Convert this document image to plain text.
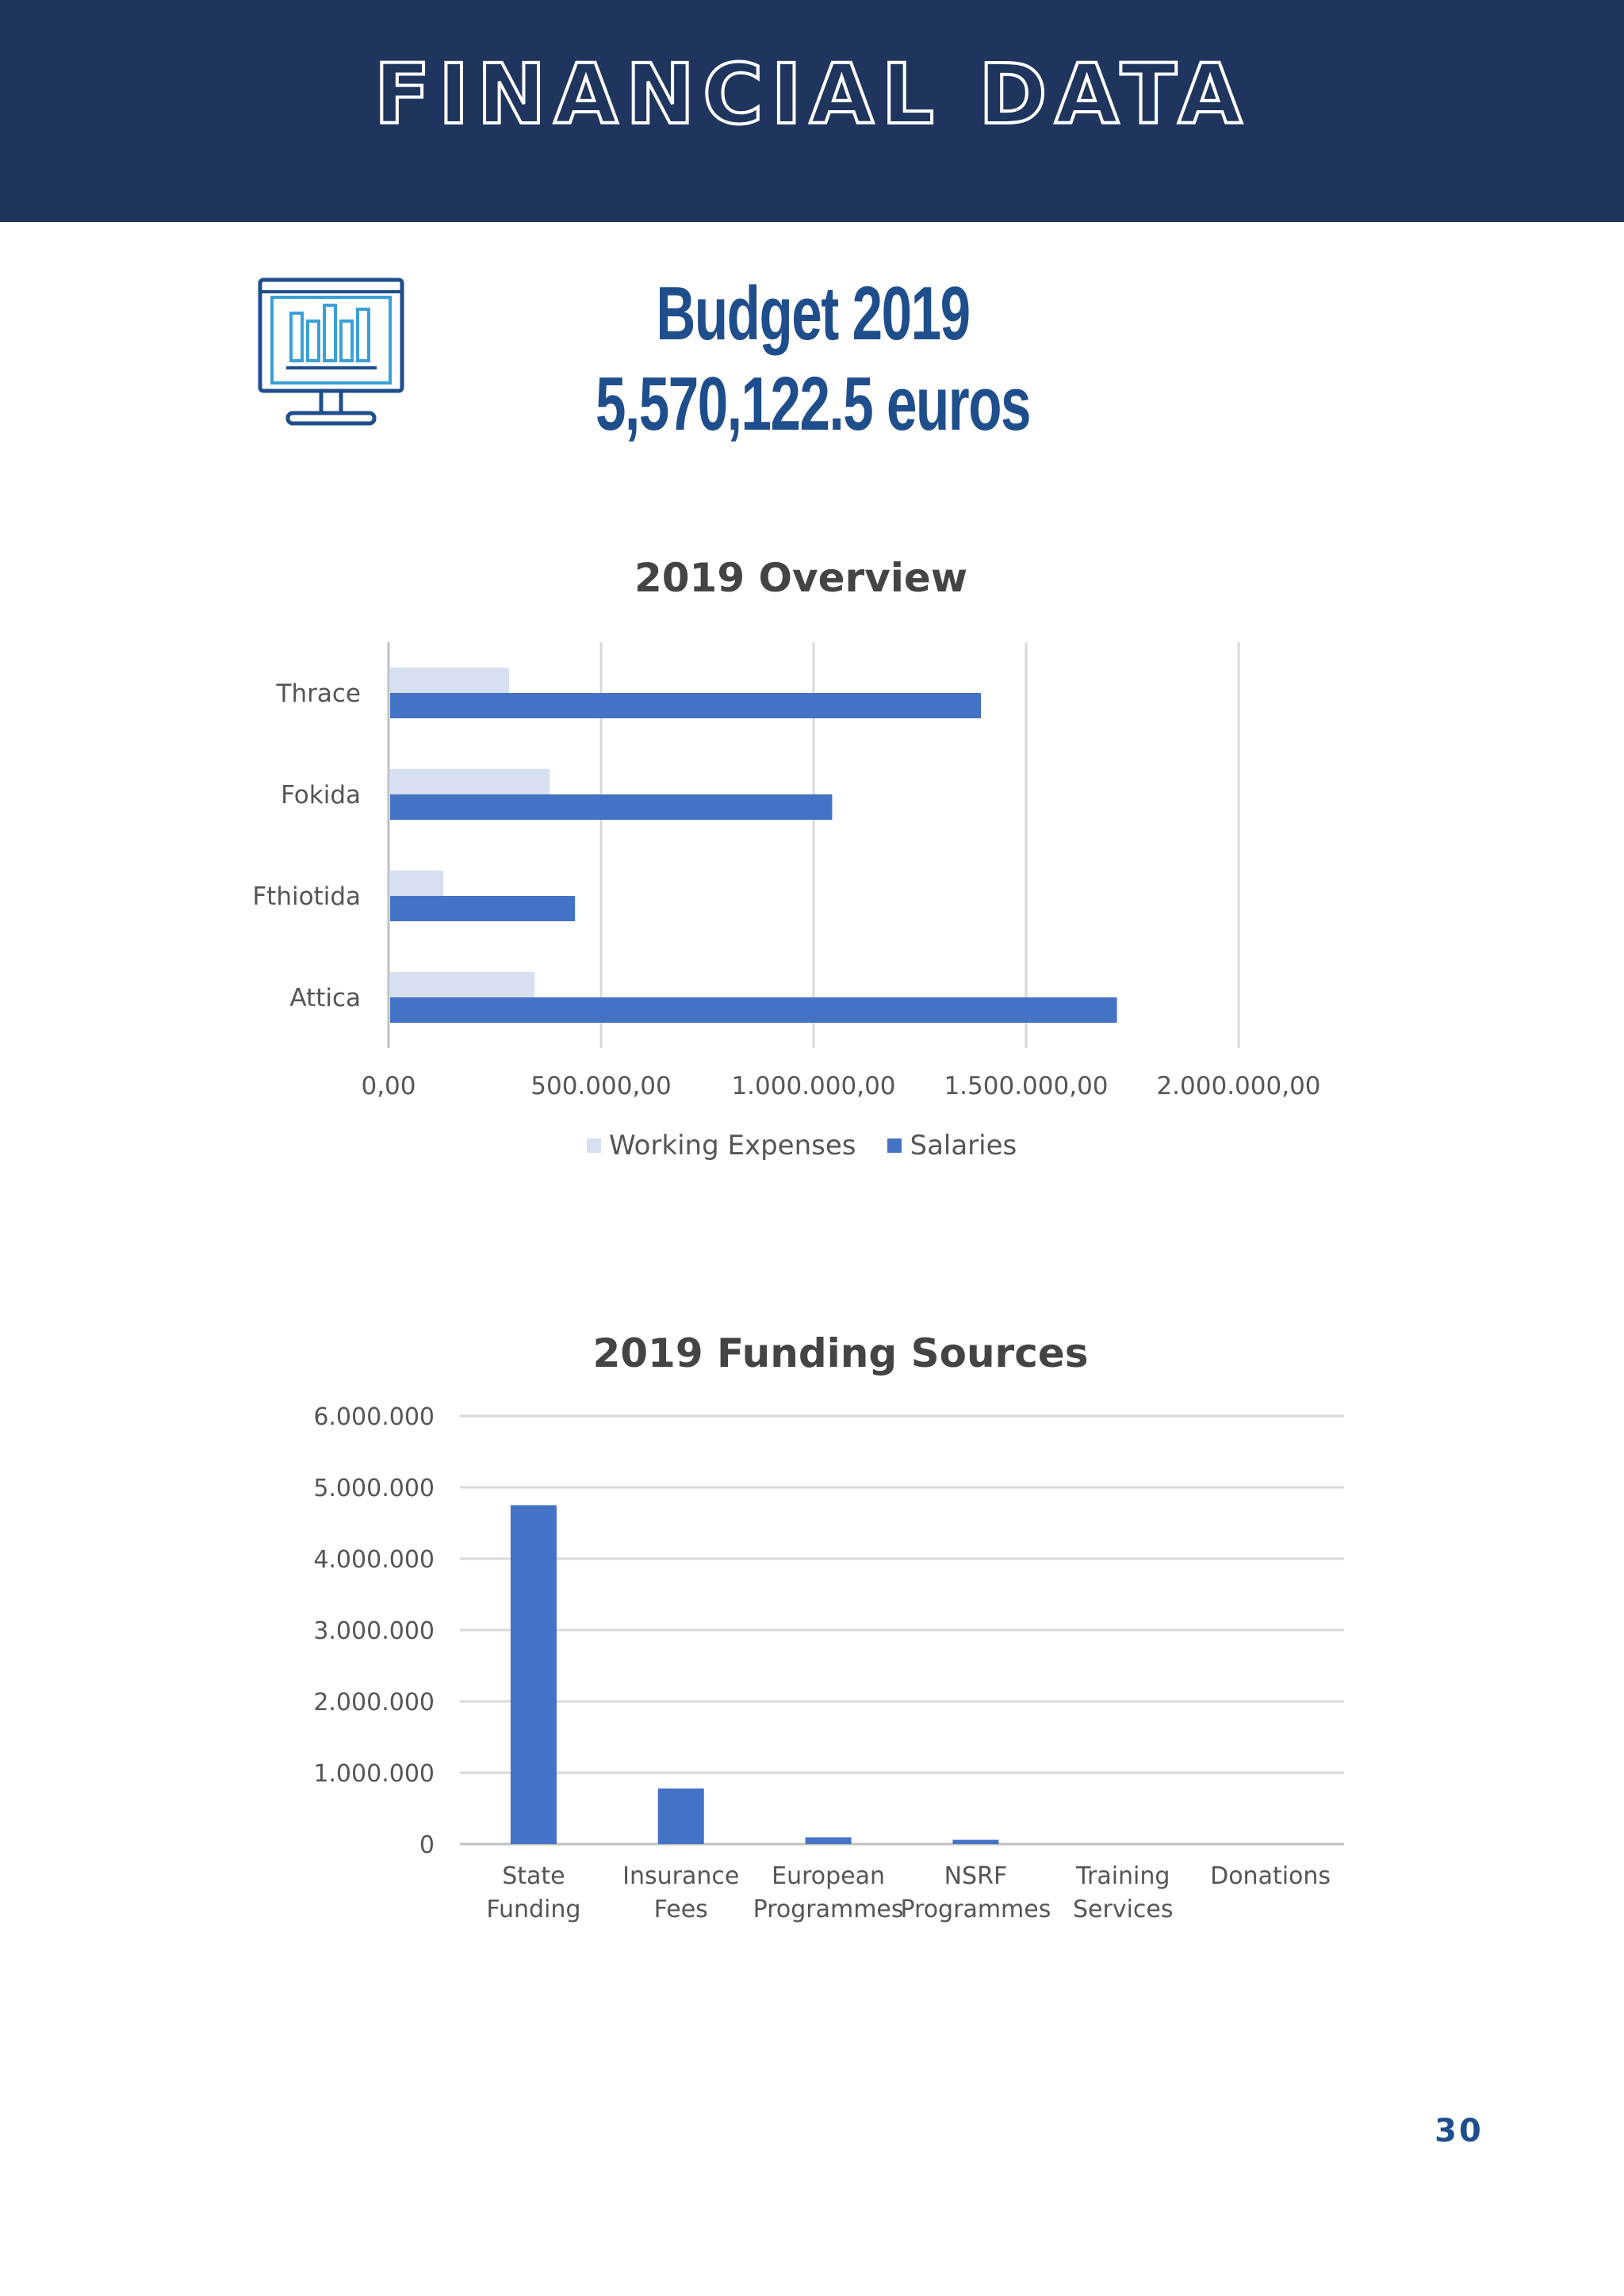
FINANCIAL DATA
Budget 2019
5,570,122.5 euros
2019 Overview
0,00	500.000,00 1.000.000,00 1.500.000,00 2.000.000,00
Thrace
Fokida
Fthiotida
Attica
Working Expenses Salaries
2019 Funding Sources
0
1.000.000
2.000.000
3.000.000
4.000.000
5.000.000
6.000.000
State
Funding
Insurance
Fees
European
Programmes
NSRF
Programmes
Training
Services
Donations
30
